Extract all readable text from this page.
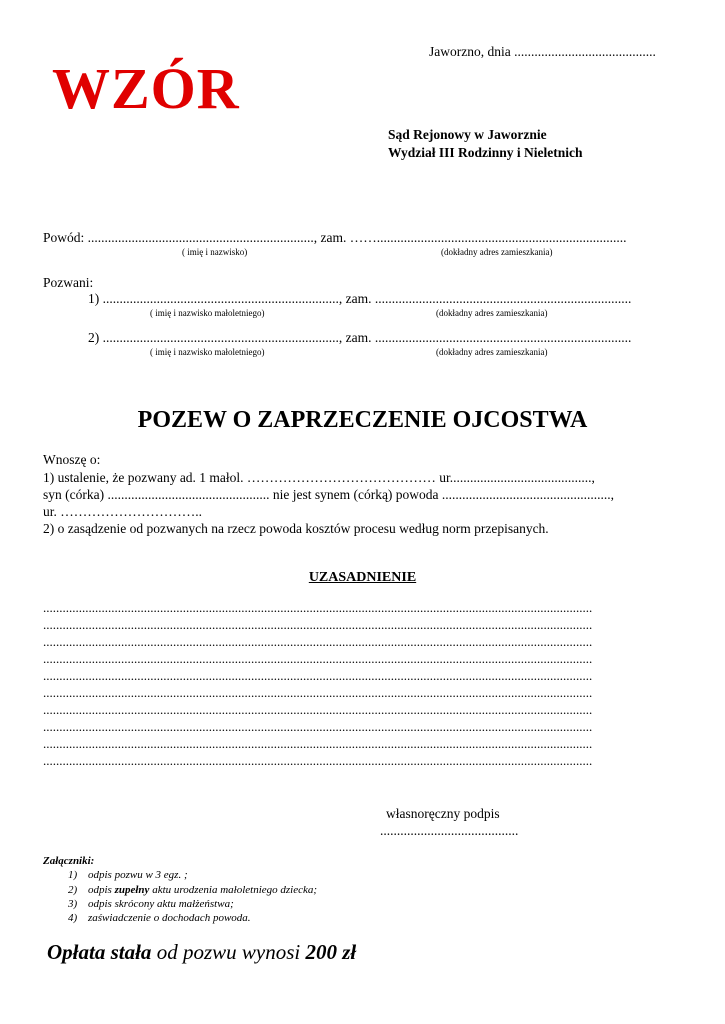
WZÓR
Jaworzno, dnia ..........................................
Sąd Rejonowy w Jaworznie
Wydział III Rodzinny i Nieletnich
Powód: ..................................................................., zam. ……..........................................................................
( imię i nazwisko)	(dokładny adres zamieszkania)
Pozwani:
1) ......................................................................, zam. ............................................................................
( imię i nazwisko małoletniego)	(dokładny adres zamieszkania)
2) ......................................................................, zam. ............................................................................
( imię i nazwisko małoletniego)	(dokładny adres zamieszkania)
POZEW O ZAPRZECZENIE OJCOSTWA
Wnoszę o:
1) ustalenie, że pozwany ad. 1 małol. …………………………………… ur..........................................,
syn (córka) ................................................ nie jest synem (córką) powoda ..................................................,
ur. …………………………..
2) o zasądzenie od pozwanych na rzecz powoda kosztów procesu według norm przepisanych.
UZASADNIENIE
.........................................................................................................................................................................
.........................................................................................................................................................................
.........................................................................................................................................................................
.........................................................................................................................................................................
.........................................................................................................................................................................
.........................................................................................................................................................................
.........................................................................................................................................................................
.........................................................................................................................................................................
.........................................................................................................................................................................
.........................................................................................................................................................................
własnoręczny podpis
.........................................
Załączniki:
1) odpis pozwu w 3 egz. ;
2) odpis zupełny aktu urodzenia małoletniego dziecka;
3) odpis skrócony aktu małżeństwa;
4) zaświadczenie o dochodach powoda.
Opłata stała od pozwu wynosi 200 zł
